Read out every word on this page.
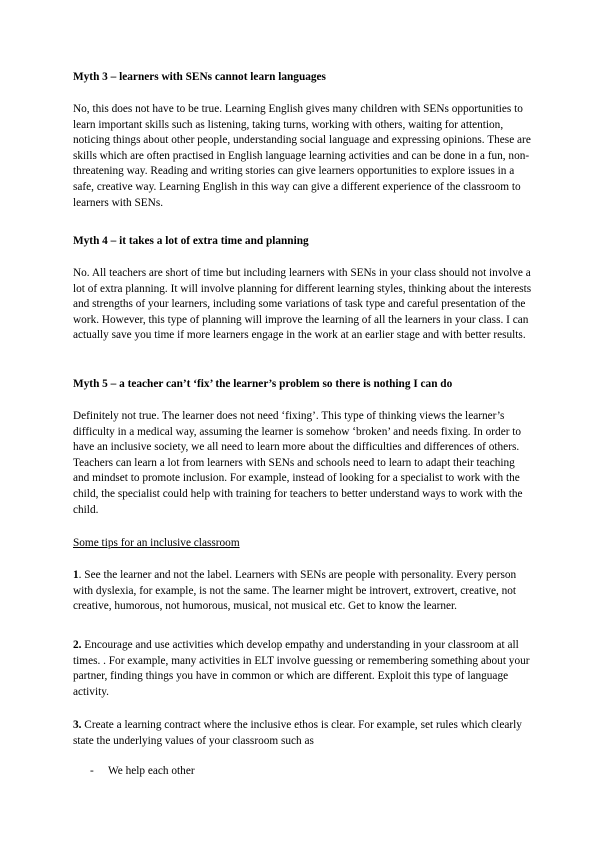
Myth 3 – learners with SENs cannot learn languages
No, this does not have to be true. Learning English gives many children with SENs opportunities to learn important skills such as listening, taking turns, working with others, waiting for attention, noticing things about other people, understanding social language and expressing opinions. These are skills which are often practised in English language learning activities and can be done in a fun, non-threatening way. Reading and writing stories can give learners opportunities to explore issues in a safe, creative way. Learning English in this way can give a different experience of the classroom to learners with SENs.
Myth 4 – it takes a lot of extra time and planning
No. All teachers are short of time but including learners with SENs in your class should not involve a lot of extra planning. It will involve planning for different learning styles, thinking about the interests and strengths of your learners, including some variations of task type and careful presentation of the work. However, this type of planning will improve the learning of all the learners in your class. I can actually save you time if more learners engage in the work at an earlier stage and with better results.
Myth 5 – a teacher can’t ‘fix’ the learner’s problem so there is nothing I can do
Definitely not true. The learner does not need ‘fixing’. This type of thinking views the learner’s difficulty in a medical way, assuming the learner is somehow ‘broken’ and needs fixing. In order to have an inclusive society, we all need to learn more about the difficulties and differences of others. Teachers can learn a lot from learners with SENs and schools need to learn to adapt their teaching and mindset to promote inclusion. For example, instead of looking for a specialist to work with the child, the specialist could help with training for teachers to better understand ways to work with the child.
Some tips for an inclusive classroom
1. See the learner and not the label. Learners with SENs are people with personality. Every person with dyslexia, for example, is not the same. The learner might be introvert, extrovert, creative, not creative, humorous, not humorous, musical, not musical etc. Get to know the learner.
2. Encourage and use activities which develop empathy and understanding in your classroom at all times. . For example, many activities in ELT involve guessing or remembering something about your partner, finding things you have in common or which are different. Exploit this type of language activity.
3. Create a learning contract where the inclusive ethos is clear. For example, set rules which clearly state the underlying values of your classroom such as
- We help each other
